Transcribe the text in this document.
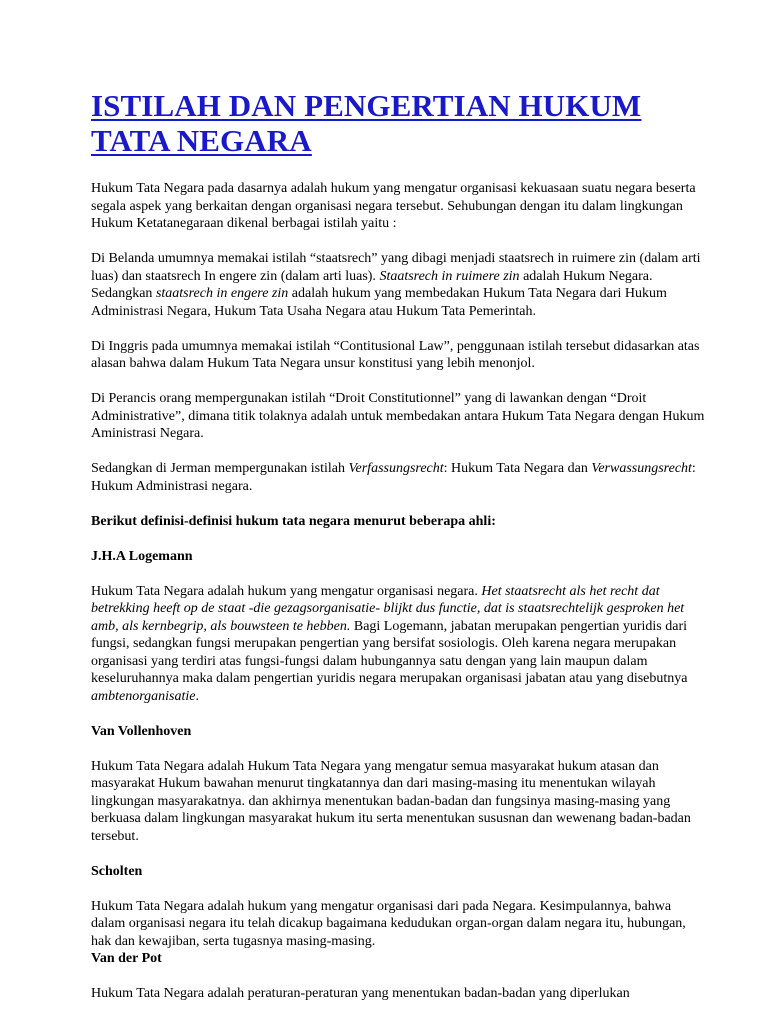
ISTILAH DAN PENGERTIAN HUKUM TATA NEGARA

Hukum Tata Negara pada dasarnya adalah hukum yang mengatur organisasi kekuasaan suatu negara beserta segala aspek yang berkaitan dengan organisasi negara tersebut. Sehubungan dengan itu dalam lingkungan Hukum Ketatanegaraan dikenal berbagai istilah yaitu :

Di Belanda umumnya memakai istilah “staatsrech” yang dibagi menjadi staatsrech in ruimere zin (dalam arti luas) dan staatsrech In engere zin (dalam arti luas). Staatsrech in ruimere zin adalah Hukum Negara. Sedangkan staatsrech in engere zin adalah hukum yang membedakan Hukum Tata Negara dari Hukum Administrasi Negara, Hukum Tata Usaha Negara atau Hukum Tata Pemerintah.

Di Inggris pada umumnya memakai istilah “Contitusional Law”, penggunaan istilah tersebut didasarkan atas alasan bahwa dalam Hukum Tata Negara unsur konstitusi yang lebih menonjol.

Di Perancis orang mempergunakan istilah “Droit Constitutionnel” yang di lawankan dengan “Droit Administrative”, dimana titik tolaknya adalah untuk membedakan antara Hukum Tata Negara dengan Hukum Aministrasi Negara.

Sedangkan di Jerman mempergunakan istilah Verfassungsrecht: Hukum Tata Negara dan Verwassungsrecht: Hukum Administrasi negara.

Berikut definisi-definisi hukum tata negara menurut beberapa ahli:

J.H.A Logemann

Hukum Tata Negara adalah hukum yang mengatur organisasi negara. Het staatsrecht als het recht dat betrekking heeft op de staat -die gezagsorganisatie- blijkt dus functie, dat is staatsrechtelijk gesproken het amb, als kernbegrip, als bouwsteen te hebben. Bagi Logemann, jabatan merupakan pengertian yuridis dari fungsi, sedangkan fungsi merupakan pengertian yang bersifat sosiologis. Oleh karena negara merupakan organisasi yang terdiri atas fungsi-fungsi dalam hubungannya satu dengan yang lain maupun dalam keseluruhannya maka dalam pengertian yuridis negara merupakan organisasi jabatan atau yang disebutnya ambtenorganisatie.

Van Vollenhoven

Hukum Tata Negara adalah Hukum Tata Negara yang mengatur semua masyarakat hukum atasan dan masyarakat Hukum bawahan menurut tingkatannya dan dari masing-masing itu menentukan wilayah lingkungan masyarakatnya. dan akhirnya menentukan badan-badan dan fungsinya masing-masing yang berkuasa dalam lingkungan masyarakat hukum itu serta menentukan sususnan dan wewenang badan-badan tersebut.

Scholten

Hukum Tata Negara adalah hukum yang mengatur organisasi dari pada Negara. Kesimpulannya, bahwa dalam organisasi negara itu telah dicakup bagaimana kedudukan organ-organ dalam negara itu, hubungan, hak dan kewajiban, serta tugasnya masing-masing.

Van der Pot

Hukum Tata Negara adalah peraturan-peraturan yang menentukan badan-badan yang diperlukan
